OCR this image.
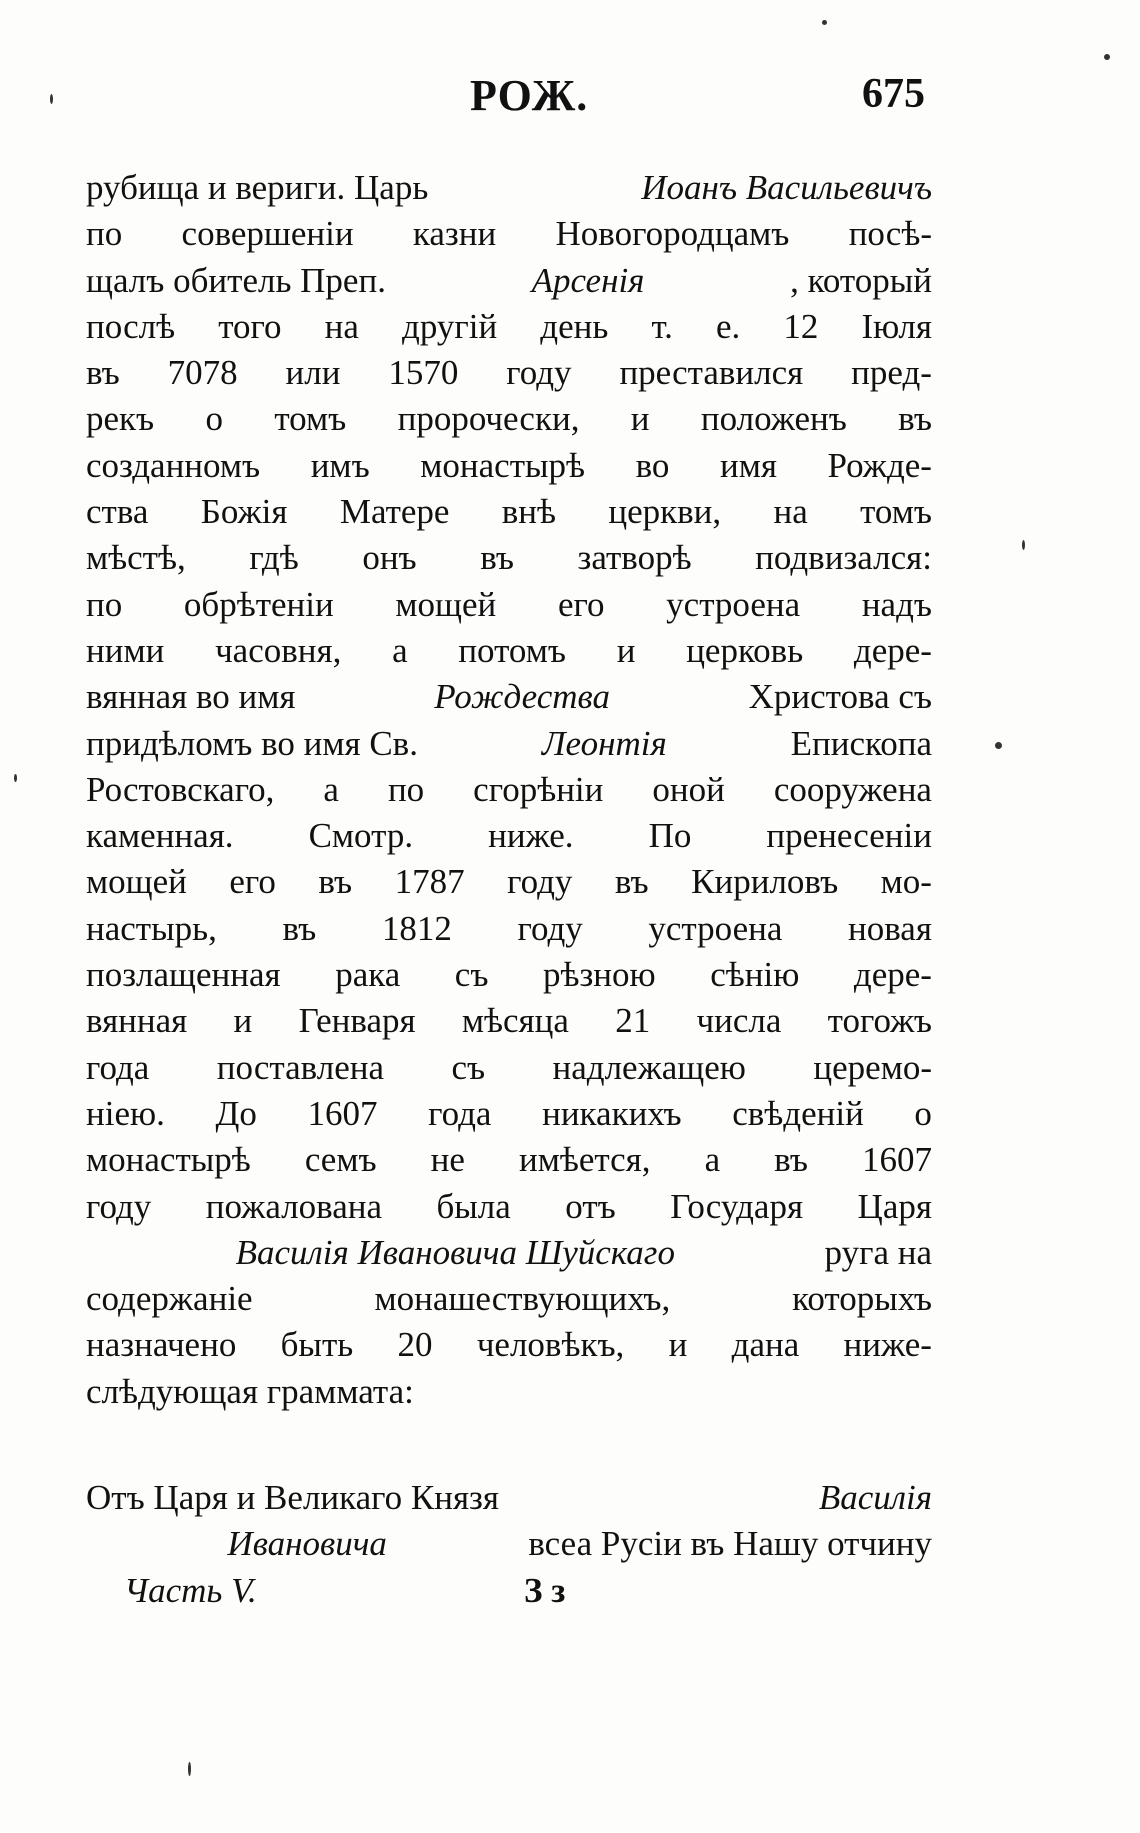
РОЖ.	675
рубища и вериги. Царь	Иоанъ Васильевичъ
по совершенiи казни Новогородцамъ посѣ-
щалъ обитель Преп.	Арсенiя	, который
послѣ того на другiй день т. е. 12 Iюля
въ 7078 или 1570 году преставился пред-
рекъ о томъ пророчески, и положенъ въ
созданномъ имъ монастырѣ во имя Рожде-
ства Божiя Матере внѣ церкви, на томъ
мѣстѣ, гдѣ онъ въ затворѣ подвизался:
по обрѣтенiи мощей его устроена надъ
ними часовня, а потомъ и церковь дере-
вянная во имя	Рождества	Христова съ
придѣломъ во имя Св.	Леонтiя	Епископа
Ростовскаго, а по сгорѣнiи оной сооружена
каменная. Смотр. ниже. По пренесенiи
мощей его въ 1787 году въ Кириловъ мо-
настырь, въ 1812 году устроена новая
позлащенная рака съ рѣзною сѣнiю дере-
вянная и Генваря мѣсяца 21 числа тогожъ
года поставлена съ надлежащею церемо-
нiею. До 1607 года никакихъ свѣденiй о
монастырѣ семъ не имѣется, а въ 1607
году пожалована была отъ Государя Царя
Василiя Ивановича Шуйскаго	руга на
содержанiе	монашествующихъ,	которыхъ
назначено быть 20 человѣкъ, и дана ниже-
слѣдующая граммата:
Отъ Царя и Великаго Князя	Василiя
Ивановича	всеа Русiи въ Нашу отчину
Часть V.	З з
